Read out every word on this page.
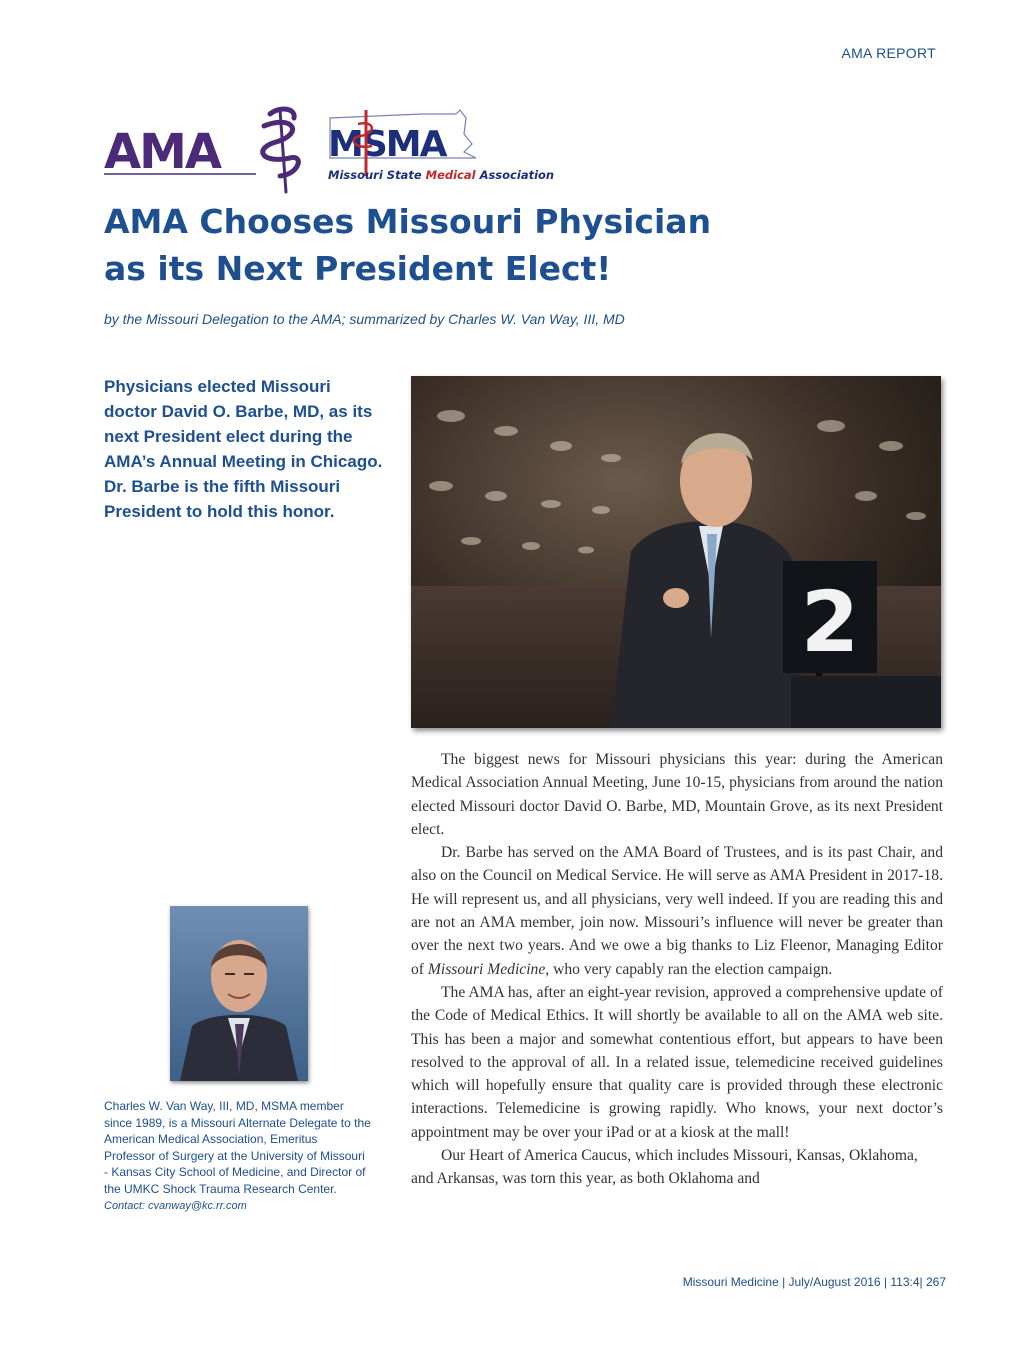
AMA REPORT
AMA	MSMA
Missouri State Medical Association
AMA Chooses Missouri Physician
as its Next President Elect!
by the Missouri Delegation to the AMA; summarized by Charles W. Van Way, III, MD
Physicians elected Missouri doctor David O. Barbe, MD, as its next President elect during the AMA’s Annual Meeting in Chicago. Dr. Barbe is the fifth Missouri President to hold this honor.
2
Charles W. Van Way, III, MD, MSMA member since 1989, is a Missouri Alternate Delegate to the American Medical Association, Emeritus Professor of Surgery at the University of Missouri - Kansas City School of Medicine, and Director of the UMKC Shock Trauma Research Center.
Contact: cvanway@kc.rr.com

The biggest news for Missouri physicians this year: during the American Medical Association Annual Meeting, June 10-15, physicians from around the nation elected Missouri doctor David O. Barbe, MD, Mountain Grove, as its next President elect.

Dr. Barbe has served on the AMA Board of Trustees, and is its past Chair, and also on the Council on Medical Service. He will serve as AMA President in 2017-18. He will represent us, and all physicians, very well indeed. If you are reading this and are not an AMA member, join now. Missouri’s influence will never be greater than over the next two years. And we owe a big thanks to Liz Fleenor, Managing Editor of Missouri Medicine, who very capably ran the election campaign.

The AMA has, after an eight-year revision, approved a comprehensive update of the Code of Medical Ethics. It will shortly be available to all on the AMA web site. This has been a major and somewhat contentious effort, but appears to have been resolved to the approval of all. In a related issue, telemedicine received guidelines which will hopefully ensure that quality care is provided through these electronic interactions. Telemedicine is growing rapidly. Who knows, your next doctor’s appointment may be over your iPad or at a kiosk at the mall!

Our Heart of America Caucus, which includes Missouri, Kansas, Oklahoma, and Arkansas, was torn this year, as both Oklahoma and

Missouri Medicine | July/August 2016 | 113:4| 267
